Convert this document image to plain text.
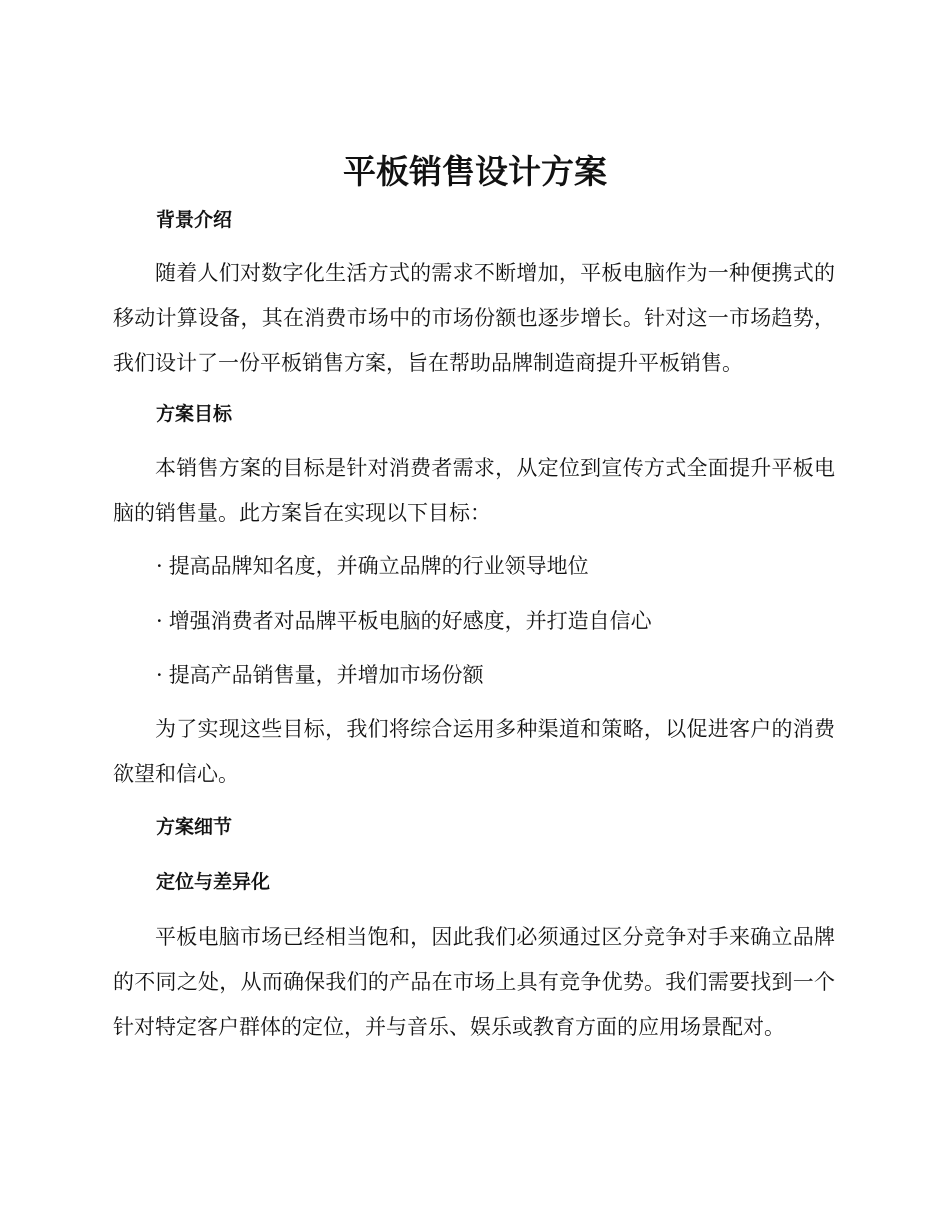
平板销售设计方案
背景介绍

随着人们对数字化生活方式的需求不断增加，平板电脑作为一种便携式的移动计算设备，其在消费市场中的市场份额也逐步增长。针对这一市场趋势，我们设计了一份平板销售方案，旨在帮助品牌制造商提升平板销售。

方案目标

本销售方案的目标是针对消费者需求，从定位到宣传方式全面提升平板电脑的销售量。此方案旨在实现以下目标：

· 提高品牌知名度，并确立品牌的行业领导地位

· 增强消费者对品牌平板电脑的好感度，并打造自信心

· 提高产品销售量，并增加市场份额

为了实现这些目标，我们将综合运用多种渠道和策略，以促进客户的消费欲望和信心。

方案细节
定位与差异化

平板电脑市场已经相当饱和，因此我们必须通过区分竞争对手来确立品牌的不同之处，从而确保我们的产品在市场上具有竞争优势。我们需要找到一个针对特定客户群体的定位，并与音乐、娱乐或教育方面的应用场景配对。
